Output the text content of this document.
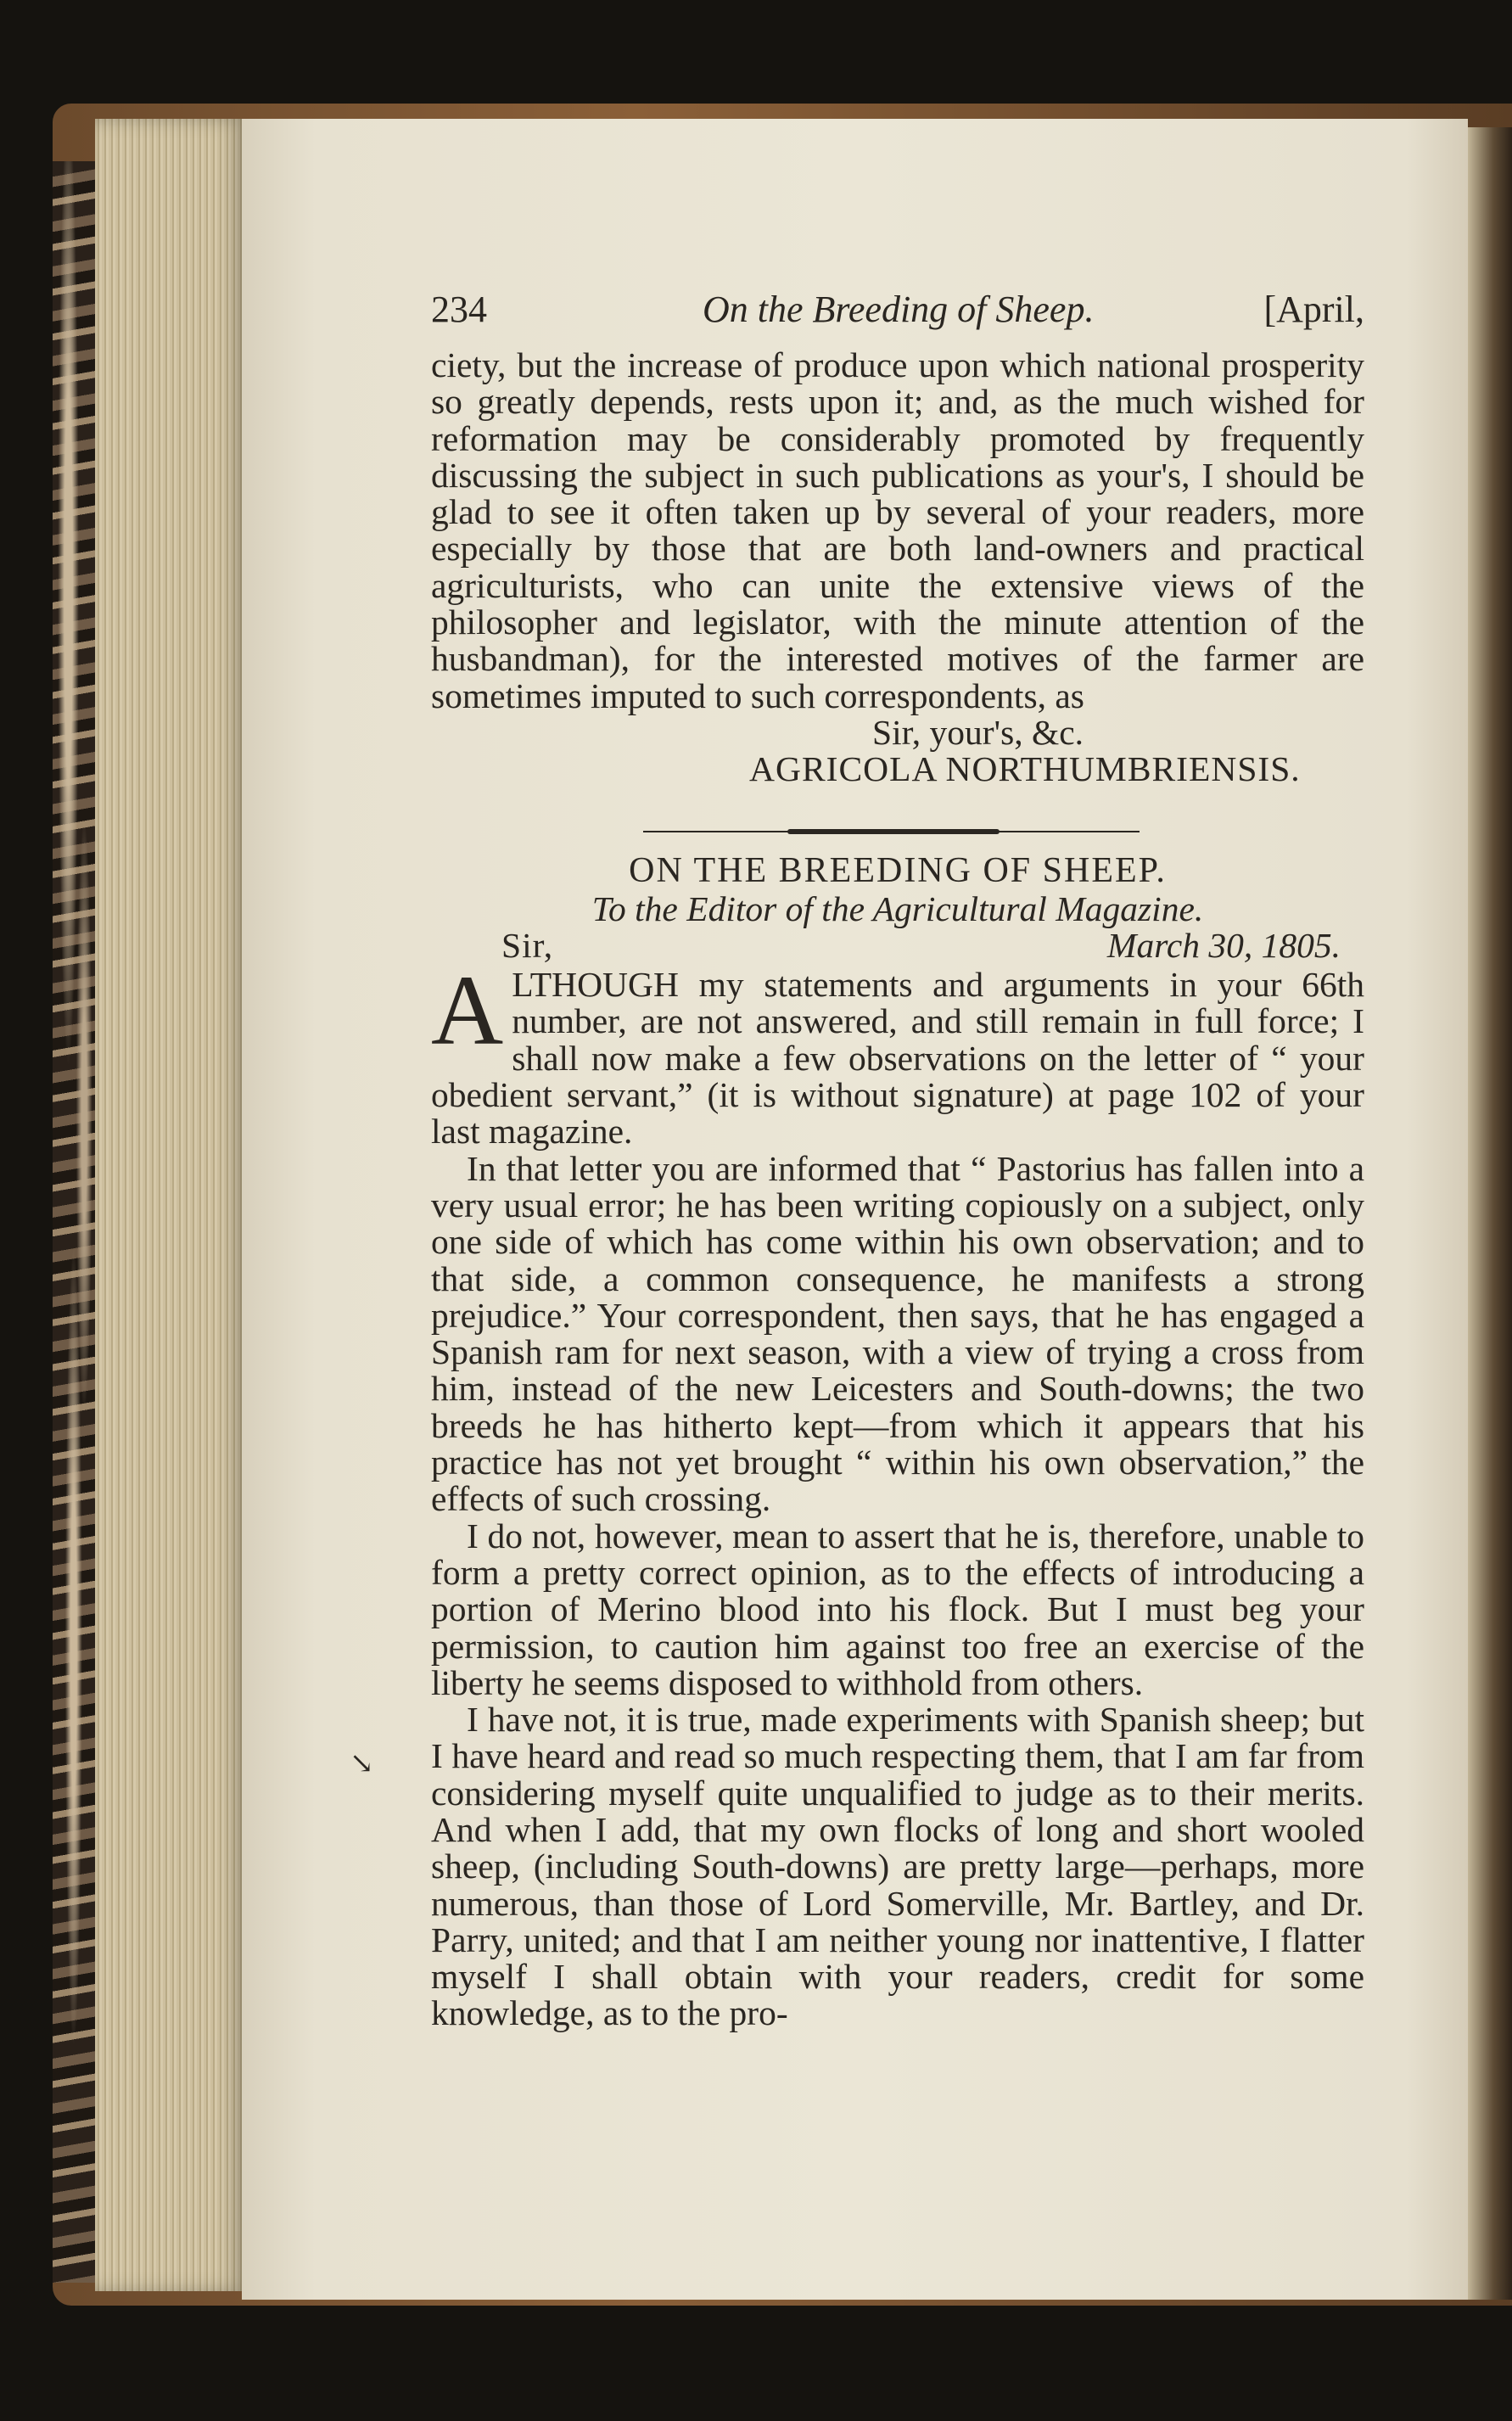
234	On the Breeding of Sheep.	[April,

ciety, but the increase of produce upon which national prosperity so greatly depends, rests upon it; and, as the much wished for reformation may be considerably promoted by frequently discussing the subject in such publications as your's, I should be glad to see it often taken up by several of your readers, more especially by those that are both land-owners and practical agriculturists, who can unite the extensive views of the philosopher and legislator, with the minute attention of the husbandman), for the interested motives of the farmer are sometimes imputed to such correspondents, as

Sir, your's, &c.
AGRICOLA NORTHUMBRIENSIS.
ON THE BREEDING OF SHEEP.
To the Editor of the Agricultural Magazine.
Sir,	March 30, 1805.

ALTHOUGH my statements and arguments in your 66th number, are not answered, and still remain in full force; I shall now make a few observations on the letter of “ your obedient servant,” (it is without signature) at page 102 of your last magazine.

In that letter you are informed that “ Pastorius has fallen into a very usual error; he has been writing copiously on a subject, only one side of which has come within his own observation; and to that side, a common consequence, he manifests a strong prejudice.” Your correspondent, then says, that he has engaged a Spanish ram for next season, with a view of trying a cross from him, instead of the new Leicesters and South-downs; the two breeds he has hitherto kept—from which it appears that his practice has not yet brought “ within his own observation,” the effects of such crossing.

I do not, however, mean to assert that he is, therefore, unable to form a pretty correct opinion, as to the effects of introducing a portion of Merino blood into his flock. But I must beg your permission, to caution him against too free an exercise of the liberty he seems disposed to withhold from others.

I have not, it is true, made experiments with Spanish sheep; but I have heard and read so much respecting them, that I am far from considering myself quite unqualified to judge as to their merits. And when I add, that my own flocks of long and short wooled sheep, (including South-downs) are pretty large—perhaps, more numerous, than those of Lord Somerville, Mr. Bartley, and Dr. Parry, united; and that I am neither young nor inattentive, I flatter myself I shall obtain with your readers, credit for some knowledge, as to the pro-

↘
